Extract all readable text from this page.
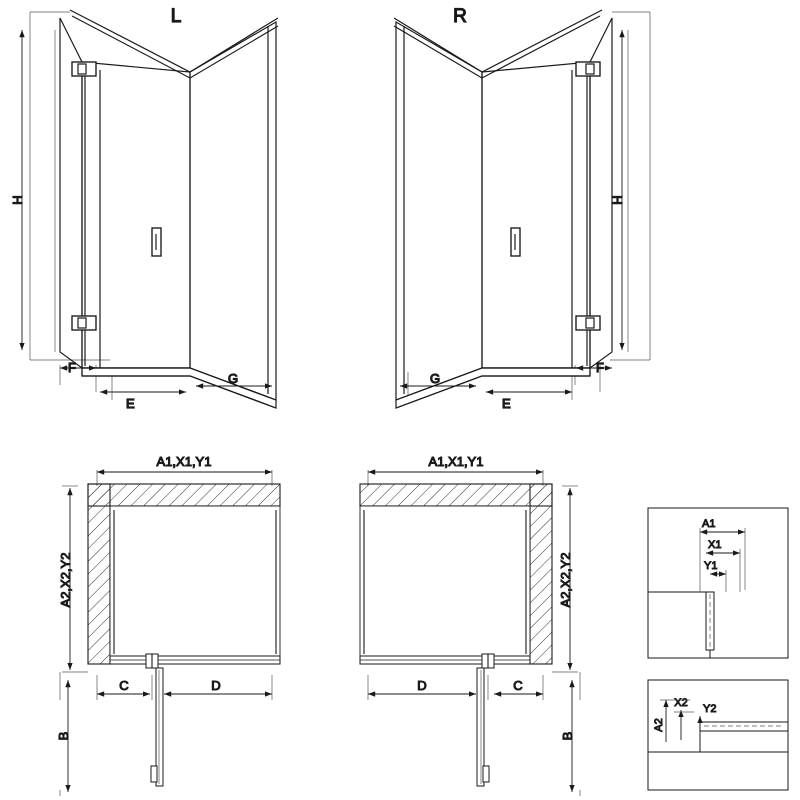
H
F
E
G
L
H
F
E
G
R
A1,X1,Y1
A2,X2,Y2
B
C	D
A1,X1,Y1
A2,X2,Y2
B
D	C
A1
X1
Y1
A2
X2 Y2
